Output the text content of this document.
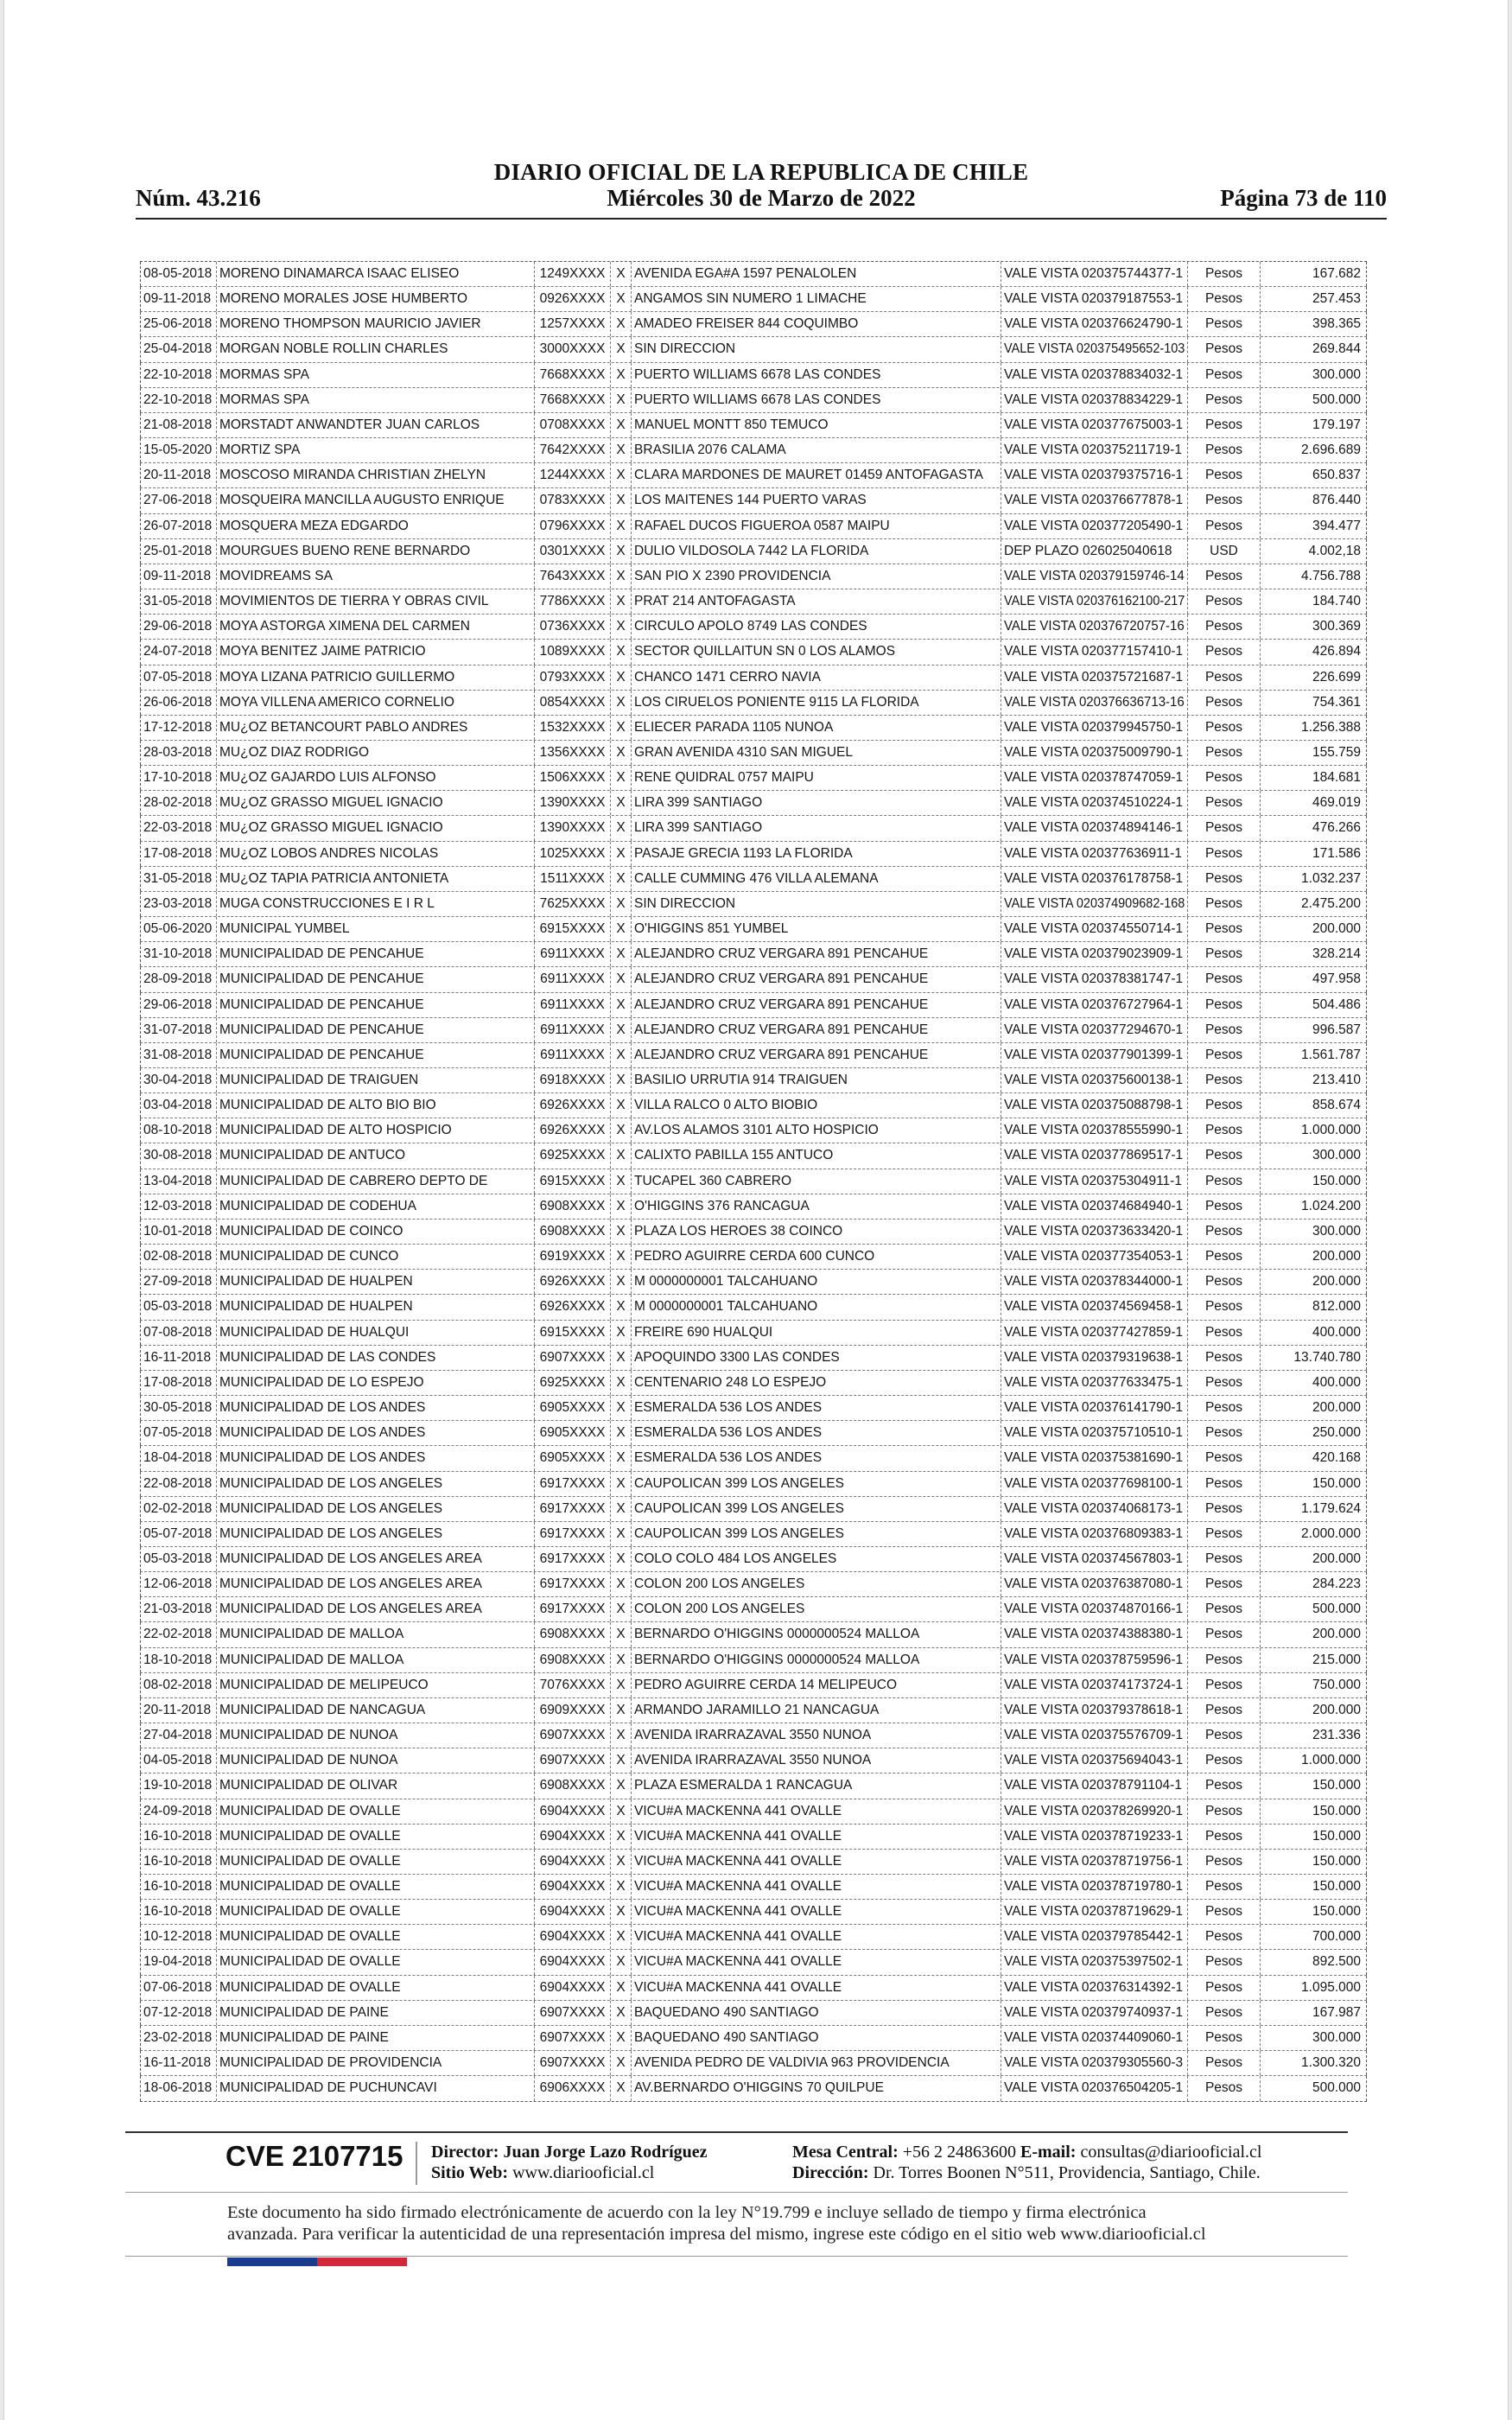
DIARIO OFICIAL DE LA REPUBLICA DE CHILE
Núm. 43.216	Miércoles 30 de Marzo de 2022	Página 73 de 110
08-05-2018 MORENO DINAMARCA ISAAC ELISEO	1249XXXX X AVENIDA EGA#A 1597 PENALOLEN	VALE VISTA 020375744377-1	Pesos	167.682
09-11-2018 MORENO MORALES JOSE HUMBERTO	0926XXXX X ANGAMOS SIN NUMERO 1 LIMACHE	VALE VISTA 020379187553-1	Pesos	257.453
25-06-2018 MORENO THOMPSON MAURICIO JAVIER	1257XXXX X AMADEO FREISER 844 COQUIMBO	VALE VISTA 020376624790-1	Pesos	398.365
25-04-2018 MORGAN NOBLE ROLLIN CHARLES	3000XXXX X SIN DIRECCION	VALE VISTA 020375495652-103	Pesos	269.844
22-10-2018 MORMAS SPA	7668XXXX X PUERTO WILLIAMS 6678 LAS CONDES	VALE VISTA 020378834032-1	Pesos	300.000
22-10-2018 MORMAS SPA	7668XXXX X PUERTO WILLIAMS 6678 LAS CONDES	VALE VISTA 020378834229-1	Pesos	500.000
21-08-2018 MORSTADT ANWANDTER JUAN CARLOS	0708XXXX X MANUEL MONTT 850 TEMUCO	VALE VISTA 020377675003-1	Pesos	179.197
15-05-2020 MORTIZ SPA	7642XXXX X BRASILIA 2076 CALAMA	VALE VISTA 020375211719-1	Pesos	2.696.689
20-11-2018 MOSCOSO MIRANDA CHRISTIAN ZHELYN	1244XXXX X CLARA MARDONES DE MAURET 01459 ANTOFAGASTA	VALE VISTA 020379375716-1	Pesos	650.837
27-06-2018 MOSQUEIRA MANCILLA AUGUSTO ENRIQUE	0783XXXX X LOS MAITENES 144 PUERTO VARAS	VALE VISTA 020376677878-1	Pesos	876.440
26-07-2018 MOSQUERA MEZA EDGARDO	0796XXXX X RAFAEL DUCOS FIGUEROA 0587 MAIPU	VALE VISTA 020377205490-1	Pesos	394.477
25-01-2018 MOURGUES BUENO RENE BERNARDO	0301XXXX X DULIO VILDOSOLA 7442 LA FLORIDA	DEP PLAZO 026025040618	USD	4.002,18
09-11-2018 MOVIDREAMS SA	7643XXXX X SAN PIO X 2390 PROVIDENCIA	VALE VISTA 020379159746-14	Pesos	4.756.788
31-05-2018 MOVIMIENTOS DE TIERRA Y OBRAS CIVIL	7786XXXX X PRAT 214 ANTOFAGASTA	VALE VISTA 020376162100-217	Pesos	184.740
29-06-2018 MOYA ASTORGA XIMENA DEL CARMEN	0736XXXX X CIRCULO APOLO 8749 LAS CONDES	VALE VISTA 020376720757-16	Pesos	300.369
24-07-2018 MOYA BENITEZ JAIME PATRICIO	1089XXXX X SECTOR QUILLAITUN SN 0 LOS ALAMOS	VALE VISTA 020377157410-1	Pesos	426.894
07-05-2018 MOYA LIZANA PATRICIO GUILLERMO	0793XXXX X CHANCO 1471 CERRO NAVIA	VALE VISTA 020375721687-1	Pesos	226.699
26-06-2018 MOYA VILLENA AMERICO CORNELIO	0854XXXX X LOS CIRUELOS PONIENTE 9115 LA FLORIDA	VALE VISTA 020376636713-16	Pesos	754.361
17-12-2018 MU¿OZ BETANCOURT PABLO ANDRES	1532XXXX X ELIECER PARADA 1105 NUNOA	VALE VISTA 020379945750-1	Pesos	1.256.388
28-03-2018 MU¿OZ DIAZ RODRIGO	1356XXXX X GRAN AVENIDA 4310 SAN MIGUEL	VALE VISTA 020375009790-1	Pesos	155.759
17-10-2018 MU¿OZ GAJARDO LUIS ALFONSO	1506XXXX X RENE QUIDRAL 0757 MAIPU	VALE VISTA 020378747059-1	Pesos	184.681
28-02-2018 MU¿OZ GRASSO MIGUEL IGNACIO	1390XXXX X LIRA 399 SANTIAGO	VALE VISTA 020374510224-1	Pesos	469.019
22-03-2018 MU¿OZ GRASSO MIGUEL IGNACIO	1390XXXX X LIRA 399 SANTIAGO	VALE VISTA 020374894146-1	Pesos	476.266
17-08-2018 MU¿OZ LOBOS ANDRES NICOLAS	1025XXXX X PASAJE GRECIA 1193 LA FLORIDA	VALE VISTA 020377636911-1	Pesos	171.586
31-05-2018 MU¿OZ TAPIA PATRICIA ANTONIETA	1511XXXX X CALLE CUMMING 476 VILLA ALEMANA	VALE VISTA 020376178758-1	Pesos	1.032.237
23-03-2018 MUGA CONSTRUCCIONES E I R L	7625XXXX X SIN DIRECCION	VALE VISTA 020374909682-168	Pesos	2.475.200
05-06-2020 MUNICIPAL YUMBEL	6915XXXX X O'HIGGINS 851 YUMBEL	VALE VISTA 020374550714-1	Pesos	200.000
31-10-2018 MUNICIPALIDAD DE PENCAHUE	6911XXXX X ALEJANDRO CRUZ VERGARA 891 PENCAHUE	VALE VISTA 020379023909-1	Pesos	328.214
28-09-2018 MUNICIPALIDAD DE PENCAHUE	6911XXXX X ALEJANDRO CRUZ VERGARA 891 PENCAHUE	VALE VISTA 020378381747-1	Pesos	497.958
29-06-2018 MUNICIPALIDAD DE PENCAHUE	6911XXXX X ALEJANDRO CRUZ VERGARA 891 PENCAHUE	VALE VISTA 020376727964-1	Pesos	504.486
31-07-2018 MUNICIPALIDAD DE PENCAHUE	6911XXXX X ALEJANDRO CRUZ VERGARA 891 PENCAHUE	VALE VISTA 020377294670-1	Pesos	996.587
31-08-2018 MUNICIPALIDAD DE PENCAHUE	6911XXXX X ALEJANDRO CRUZ VERGARA 891 PENCAHUE	VALE VISTA 020377901399-1	Pesos	1.561.787
30-04-2018 MUNICIPALIDAD DE TRAIGUEN	6918XXXX X BASILIO URRUTIA 914 TRAIGUEN	VALE VISTA 020375600138-1	Pesos	213.410
03-04-2018 MUNICIPALIDAD DE ALTO BIO BIO	6926XXXX X VILLA RALCO 0 ALTO BIOBIO	VALE VISTA 020375088798-1	Pesos	858.674
08-10-2018 MUNICIPALIDAD DE ALTO HOSPICIO	6926XXXX X AV.LOS ALAMOS 3101 ALTO HOSPICIO	VALE VISTA 020378555990-1	Pesos	1.000.000
30-08-2018 MUNICIPALIDAD DE ANTUCO	6925XXXX X CALIXTO PABILLA 155 ANTUCO	VALE VISTA 020377869517-1	Pesos	300.000
13-04-2018 MUNICIPALIDAD DE CABRERO DEPTO DE	6915XXXX X TUCAPEL 360 CABRERO	VALE VISTA 020375304911-1	Pesos	150.000
12-03-2018 MUNICIPALIDAD DE CODEHUA	6908XXXX X O'HIGGINS 376 RANCAGUA	VALE VISTA 020374684940-1	Pesos	1.024.200
10-01-2018 MUNICIPALIDAD DE COINCO	6908XXXX X PLAZA LOS HEROES 38 COINCO	VALE VISTA 020373633420-1	Pesos	300.000
02-08-2018 MUNICIPALIDAD DE CUNCO	6919XXXX X PEDRO AGUIRRE CERDA 600 CUNCO	VALE VISTA 020377354053-1	Pesos	200.000
27-09-2018 MUNICIPALIDAD DE HUALPEN	6926XXXX X M 0000000001 TALCAHUANO	VALE VISTA 020378344000-1	Pesos	200.000
05-03-2018 MUNICIPALIDAD DE HUALPEN	6926XXXX X M 0000000001 TALCAHUANO	VALE VISTA 020374569458-1	Pesos	812.000
07-08-2018 MUNICIPALIDAD DE HUALQUI	6915XXXX X FREIRE 690 HUALQUI	VALE VISTA 020377427859-1	Pesos	400.000
16-11-2018 MUNICIPALIDAD DE LAS CONDES	6907XXXX X APOQUINDO 3300 LAS CONDES	VALE VISTA 020379319638-1	Pesos	13.740.780
17-08-2018 MUNICIPALIDAD DE LO ESPEJO	6925XXXX X CENTENARIO 248 LO ESPEJO	VALE VISTA 020377633475-1	Pesos	400.000
30-05-2018 MUNICIPALIDAD DE LOS ANDES	6905XXXX X ESMERALDA 536 LOS ANDES	VALE VISTA 020376141790-1	Pesos	200.000
07-05-2018 MUNICIPALIDAD DE LOS ANDES	6905XXXX X ESMERALDA 536 LOS ANDES	VALE VISTA 020375710510-1	Pesos	250.000
18-04-2018 MUNICIPALIDAD DE LOS ANDES	6905XXXX X ESMERALDA 536 LOS ANDES	VALE VISTA 020375381690-1	Pesos	420.168
22-08-2018 MUNICIPALIDAD DE LOS ANGELES	6917XXXX X CAUPOLICAN 399 LOS ANGELES	VALE VISTA 020377698100-1	Pesos	150.000
02-02-2018 MUNICIPALIDAD DE LOS ANGELES	6917XXXX X CAUPOLICAN 399 LOS ANGELES	VALE VISTA 020374068173-1	Pesos	1.179.624
05-07-2018 MUNICIPALIDAD DE LOS ANGELES	6917XXXX X CAUPOLICAN 399 LOS ANGELES	VALE VISTA 020376809383-1	Pesos	2.000.000
05-03-2018 MUNICIPALIDAD DE LOS ANGELES AREA	6917XXXX X COLO COLO 484 LOS ANGELES	VALE VISTA 020374567803-1	Pesos	200.000
12-06-2018 MUNICIPALIDAD DE LOS ANGELES AREA	6917XXXX X COLON 200 LOS ANGELES	VALE VISTA 020376387080-1	Pesos	284.223
21-03-2018 MUNICIPALIDAD DE LOS ANGELES AREA	6917XXXX X COLON 200 LOS ANGELES	VALE VISTA 020374870166-1	Pesos	500.000
22-02-2018 MUNICIPALIDAD DE MALLOA	6908XXXX X BERNARDO O'HIGGINS 0000000524 MALLOA	VALE VISTA 020374388380-1	Pesos	200.000
18-10-2018 MUNICIPALIDAD DE MALLOA	6908XXXX X BERNARDO O'HIGGINS 0000000524 MALLOA	VALE VISTA 020378759596-1	Pesos	215.000
08-02-2018 MUNICIPALIDAD DE MELIPEUCO	7076XXXX X PEDRO AGUIRRE CERDA 14 MELIPEUCO	VALE VISTA 020374173724-1	Pesos	750.000
20-11-2018 MUNICIPALIDAD DE NANCAGUA	6909XXXX X ARMANDO JARAMILLO 21 NANCAGUA	VALE VISTA 020379378618-1	Pesos	200.000
27-04-2018 MUNICIPALIDAD DE NUNOA	6907XXXX X AVENIDA IRARRAZAVAL 3550 NUNOA	VALE VISTA 020375576709-1	Pesos	231.336
04-05-2018 MUNICIPALIDAD DE NUNOA	6907XXXX X AVENIDA IRARRAZAVAL 3550 NUNOA	VALE VISTA 020375694043-1	Pesos	1.000.000
19-10-2018 MUNICIPALIDAD DE OLIVAR	6908XXXX X PLAZA ESMERALDA 1 RANCAGUA	VALE VISTA 020378791104-1	Pesos	150.000
24-09-2018 MUNICIPALIDAD DE OVALLE	6904XXXX X VICU#A MACKENNA 441 OVALLE	VALE VISTA 020378269920-1	Pesos	150.000
16-10-2018 MUNICIPALIDAD DE OVALLE	6904XXXX X VICU#A MACKENNA 441 OVALLE	VALE VISTA 020378719233-1	Pesos	150.000
16-10-2018 MUNICIPALIDAD DE OVALLE	6904XXXX X VICU#A MACKENNA 441 OVALLE	VALE VISTA 020378719756-1	Pesos	150.000
16-10-2018 MUNICIPALIDAD DE OVALLE	6904XXXX X VICU#A MACKENNA 441 OVALLE	VALE VISTA 020378719780-1	Pesos	150.000
16-10-2018 MUNICIPALIDAD DE OVALLE	6904XXXX X VICU#A MACKENNA 441 OVALLE	VALE VISTA 020378719629-1	Pesos	150.000
10-12-2018 MUNICIPALIDAD DE OVALLE	6904XXXX X VICU#A MACKENNA 441 OVALLE	VALE VISTA 020379785442-1	Pesos	700.000
19-04-2018 MUNICIPALIDAD DE OVALLE	6904XXXX X VICU#A MACKENNA 441 OVALLE	VALE VISTA 020375397502-1	Pesos	892.500
07-06-2018 MUNICIPALIDAD DE OVALLE	6904XXXX X VICU#A MACKENNA 441 OVALLE	VALE VISTA 020376314392-1	Pesos	1.095.000
07-12-2018 MUNICIPALIDAD DE PAINE	6907XXXX X BAQUEDANO 490 SANTIAGO	VALE VISTA 020379740937-1	Pesos	167.987
23-02-2018 MUNICIPALIDAD DE PAINE	6907XXXX X BAQUEDANO 490 SANTIAGO	VALE VISTA 020374409060-1	Pesos	300.000
16-11-2018 MUNICIPALIDAD DE PROVIDENCIA	6907XXXX X AVENIDA PEDRO DE VALDIVIA 963 PROVIDENCIA	VALE VISTA 020379305560-3	Pesos	1.300.320
18-06-2018 MUNICIPALIDAD DE PUCHUNCAVI	6906XXXX X AV.BERNARDO O'HIGGINS 70 QUILPUE	VALE VISTA 020376504205-1	Pesos	500.000
CVE 2107715 Director: Juan Jorge Lazo Rodríguez
Sitio Web: www.diariooficial.cl
Mesa Central: +56 2 24863600 E-mail: consultas@diariooficial.cl
Dirección: Dr. Torres Boonen N°511, Providencia, Santiago, Chile.
Este documento ha sido firmado electrónicamente de acuerdo con la ley N°19.799 e incluye sellado de tiempo y firma electrónica
avanzada. Para verificar la autenticidad de una representación impresa del mismo, ingrese este código en el sitio web www.diariooficial.cl
